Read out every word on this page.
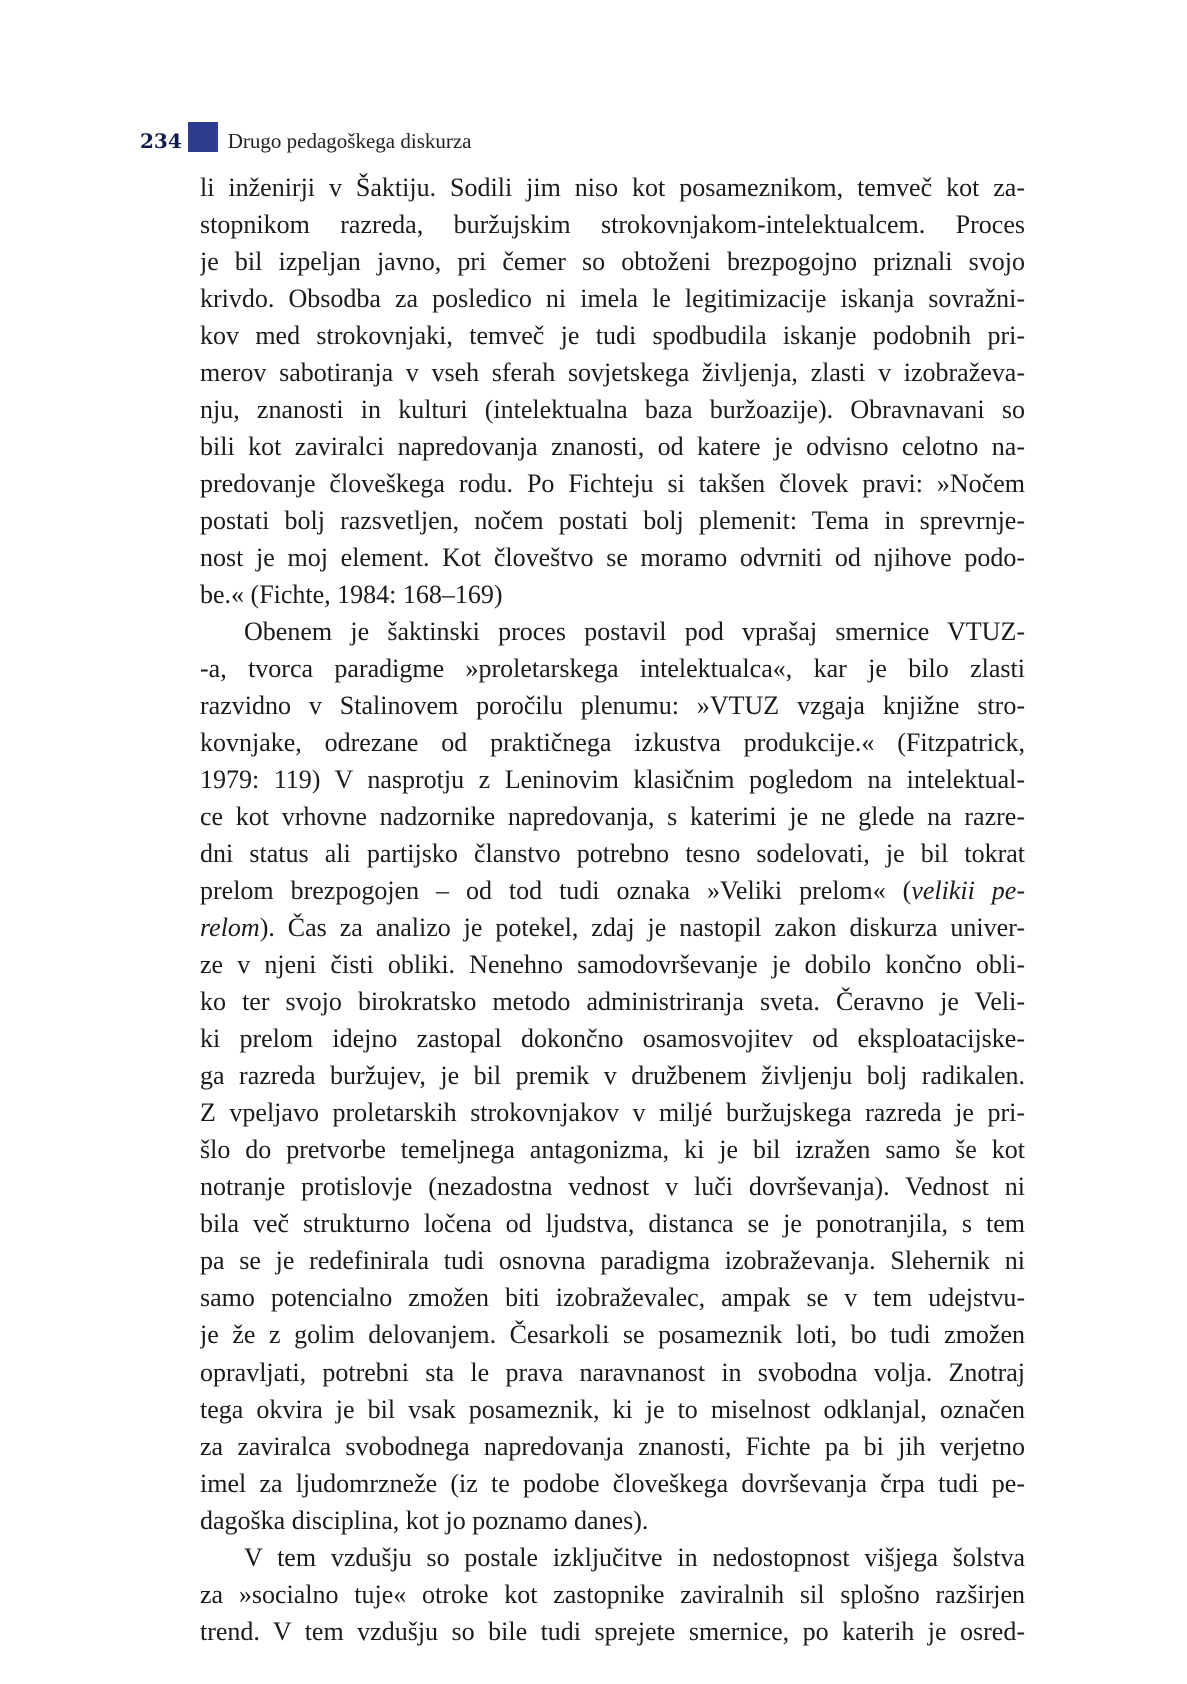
234 Drugo pedagoškega diskurza
li inženirji v Šaktiju. Sodili jim niso kot posameznikom, temveč kot za-
stopnikom razreda, buržujskim strokovnjakom-intelektualcem. Proces
je bil izpeljan javno, pri čemer so obtoženi brezpogojno priznali svojo
krivdo. Obsodba za posledico ni imela le legitimizacije iskanja sovražni-
kov med strokovnjaki, temveč je tudi spodbudila iskanje podobnih pri-
merov sabotiranja v vseh sferah sovjetskega življenja, zlasti v izobraževa-
nju, znanosti in kulturi (intelektualna baza buržoazije). Obravnavani so
bili kot zaviralci napredovanja znanosti, od katere je odvisno celotno na-
predovanje človeškega rodu. Po Fichteju si takšen človek pravi: »Nočem
postati bolj razsvetljen, nočem postati bolj plemenit: Tema in sprevrnje-
nost je moj element. Kot človeštvo se moramo odvrniti od njihove podo-
be.« (Fichte, 1984: 168–169)
Obenem je šaktinski proces postavil pod vprašaj smernice VTUZ-
-a, tvorca paradigme »proletarskega intelektualca«, kar je bilo zlasti
razvidno v Stalinovem poročilu plenumu: »VTUZ vzgaja knjižne stro-
kovnjake, odrezane od praktičnega izkustva produkcije.« (Fitzpatrick,
1979: 119) V nasprotju z Leninovim klasičnim pogledom na intelektual-
ce kot vrhovne nadzornike napredovanja, s katerimi je ne glede na razre-
dni status ali partijsko članstvo potrebno tesno sodelovati, je bil tokrat
prelom brezpogojen – od tod tudi oznaka »Veliki prelom« (velikii pe-
relom). Čas za analizo je potekel, zdaj je nastopil zakon diskurza univer-
ze v njeni čisti obliki. Nenehno samodovrševanje je dobilo končno obli-
ko ter svojo birokratsko metodo administriranja sveta. Čeravno je Veli-
ki prelom idejno zastopal dokončno osamosvojitev od eksploatacijske-
ga razreda buržujev, je bil premik v družbenem življenju bolj radikalen.
Z vpeljavo proletarskih strokovnjakov v miljé buržujskega razreda je pri-
šlo do pretvorbe temeljnega antagonizma, ki je bil izražen samo še kot
notranje protislovje (nezadostna vednost v luči dovrševanja). Vednost ni
bila več strukturno ločena od ljudstva, distanca se je ponotranjila, s tem
pa se je redefinirala tudi osnovna paradigma izobraževanja. Slehernik ni
samo potencialno zmožen biti izobraževalec, ampak se v tem udejstvu-
je že z golim delovanjem. Česarkoli se posameznik loti, bo tudi zmožen
opravljati, potrebni sta le prava naravnanost in svobodna volja. Znotraj
tega okvira je bil vsak posameznik, ki je to miselnost odklanjal, označen
za zaviralca svobodnega napredovanja znanosti, Fichte pa bi jih verjetno
imel za ljudomrzneže (iz te podobe človeškega dovrševanja črpa tudi pe-
dagoška disciplina, kot jo poznamo danes).
V tem vzdušju so postale izključitve in nedostopnost višjega šolstva
za »socialno tuje« otroke kot zastopnike zaviralnih sil splošno razširjen
trend. V tem vzdušju so bile tudi sprejete smernice, po katerih je osred-
